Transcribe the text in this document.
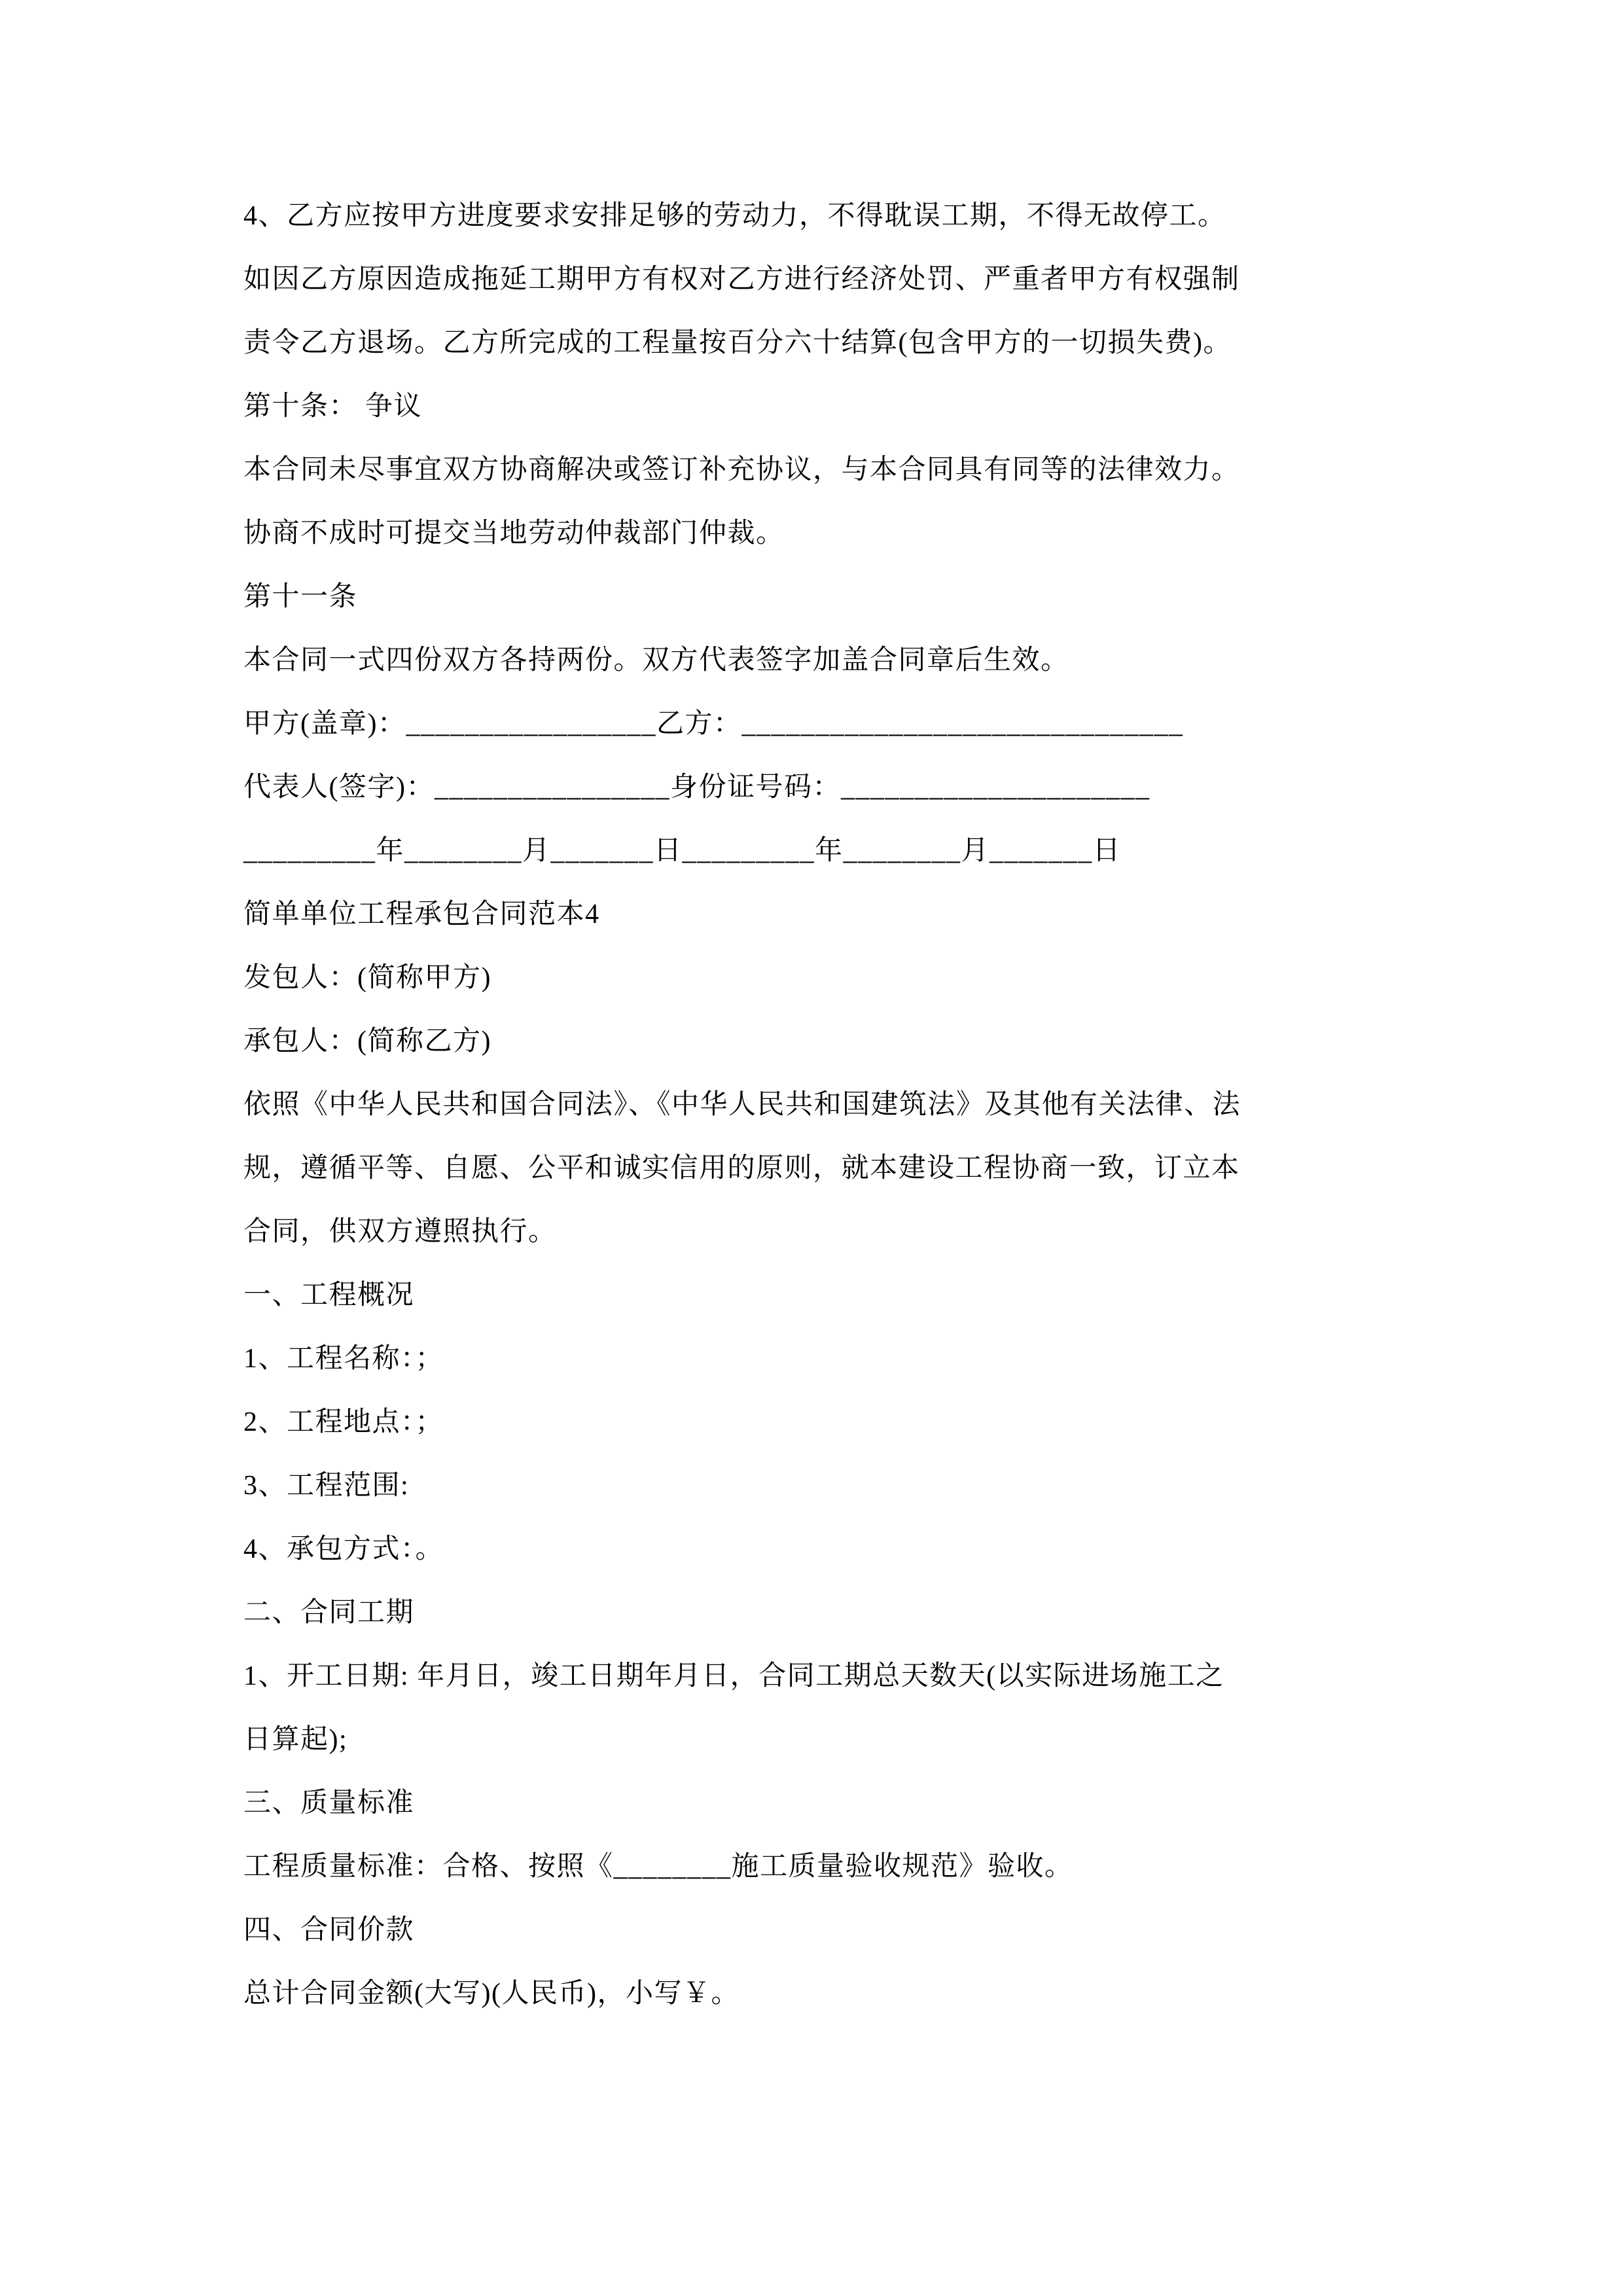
4、乙方应按甲方进度要求安排足够的劳动力，不得耽误工期，不得无故停工。
如因乙方原因造成拖延工期甲方有权对乙方进行经济处罚、严重者甲方有权强制
责令乙方退场。乙方所完成的工程量按百分六十结算(包含甲方的一切损失费)。
第十条： 争议
本合同未尽事宜双方协商解决或签订补充协议，与本合同具有同等的法律效力。
协商不成时可提交当地劳动仲裁部门仲裁。
第十一条
本合同一式四份双方各持两份。双方代表签字加盖合同章后生效。
甲方(盖章)：_________________乙方：______________________________
代表人(签字)：________________身份证号码：_____________________
_________年________月_______日_________年________月_______日
简单单位工程承包合同范本4
发包人：(简称甲方)
承包人：(简称乙方)
依照《中华人民共和国合同法》、《中华人民共和国建筑法》及其他有关法律、法
规，遵循平等、自愿、公平和诚实信用的原则，就本建设工程协商一致，订立本
合同，供双方遵照执行。
一、工程概况
1、工程名称：；
2、工程地点：；
3、工程范围:
4、承包方式：。
二、合同工期
1、开工日期: 年月日，竣工日期年月日，合同工期总天数天(以实际进场施工之
日算起);
三、质量标准
工程质量标准：合格、按照《________施工质量验收规范》验收。
四、合同价款
总计合同金额(大写)(人民币)，小写￥。
